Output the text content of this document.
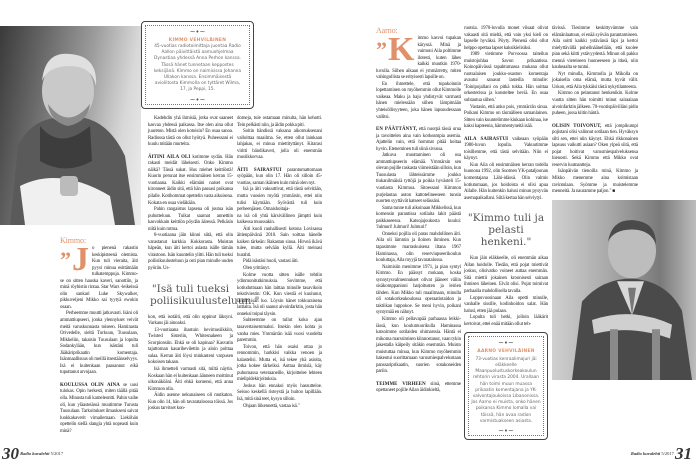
~•~
KIMMO VEHVILÄINEN
45-vuotias radiotoimittaja juontaa Radio Aallon päivittäistä aamuohjelmaa Dynastiaa yhdessä Anna Perhon kanssa. Tässä hänet tunnetaan keppostes keksijänä. Kimmo on naimisissa Johanna Ullakon kanssa. Ensimmäisestä avioliitosta Kimmolla on tyttäret Wilma, 17, ja Peppi, 15.
~•~
Kimmo:
”J o pienenä rakastin keskipisteenä olemista. Kun tuli vieraita, äiti pyysi minua esittämään tulkatemppuja. Kimmo-se on sitten hauska kaveri, sanottiin, ja minä röyhistin rintaa. Star Wars -leikeissä olin sankari Luke Skywalker, pikkuveljeni Mikko sai tyytyä ewokin osaan.

Perheemme muutti jatkuvasti. Isäni oli ammattiupseeri, jonka ylennykset veivät meitä varuskunnasta toiseen. Haminasta Orivedelle, sieltä Turkuun, Tuusulaan, Mikkeliin, takaisin Tuusulaan ja lopulta Sodankylään, kun isästäni tuli Jääkäriprikaatin komentaja. Isänmaallisuus oli meillä itsestäänselvyys. Isä ei kuitenkaan paasannut eikä tuputtanut arvojaan.

KOULUSSA OLIN AINA se uusi tulokas. Opin herkesti, miten täällä pitää olla. Minusta tuli kameleontti. Pahin vaihe oli, kun yläasteiässä muutimme Turusta Tuusulaan. Tarkoitukset ilmaukseni saivat luokkakaverit virnailemaan. Lieköhän opettelin siellä slangia yhtä nopeasti kuin minä?

Kadehdin yhä ihmisiä, jotka ovat saaneet kasvaa yhdessä paikassa. Itse olen aina ollut juureton. Mistä olen kotoisin? En osaa sanoa. Radiossa tästä on ollut hyötyä. Puheessani ei kuulu mitään murteita.

ÄITINI AILA OLI kotimme sydän. Hän rakasti meidät läheisesti. Onko Kimmo nälkä? Tässä sukat. Hus miehet keittiöstä! Kuorin perunat itse ensimmäisen kerran 15-vuotiaana. Kaikki elämäni naiset ovat kironneet äidin sitä, että hän passasi poikansa pilalle. Kotihommat opettelin vasta aikuisena. Kokata en osaa vieläkään.

Pahin rangaistus lapsena oli joutua isän puhutteluun. Tuikat saarnat annettiin kasvokkain keittiön pöydän ääressä. Pelkäsin niitä kuin ruttoa.

8-vuotiaana jäin kiinni siitä, että olin varastanut karkkia Kokkorasta. Muistan häpeän, kun äiti kertoi asiasta isälle tämän virastoon. Isän kuuntelin ylitti. Hän tuli tueksi poliisikuulusteluun ja osti pian minulle uuden pyörän. Us-

"Isä tuli tueksi poliisikuulusteluun."

kon, että isotäiti, että olin oppinut läksyni. Varkaus jäi ainoaksi.

13-vuotiaana ihastuin hevimusiikkiin, Twisted Sisteriin, Whitesnakeen ja Scorpionsiin. Ehkä se oli kapinaa? Kasvatin tajuttoman kasarihevilettin ja aloin polttaa salaa. Kerran äiti löysi minkasteni varpusen kokoisen takaan.

Isä ihmetteli varmasti sitä, miltä näytin. Koskaan hän ei kuitenkaan äänneen moittinut ulkonäköäni. Äiti ehkä komensi, että anna Kimmon olla.

Äidin asenne nekunaiseen oli mutkaton. Kun olin 14, hän oli tavarataloossa töissä. Jos joskus tarvitset kon-

domeja, tule ostamaan minulta, hän kehotti. Tein pelkästi niin, ja äidin pokka piti.

Soitin bändissä vaksana aikomuksenani valloittaa maailma. Se, etten ollut lainkaan lahjakas, ei minua miettityttänyt. Kitarasi viritti bändikaveri, jolla oli enemmän musiikkorvaa.

ÄITI SAIRASTUI parantumattomaan syöpään, kun olin 17. Hän oli silloin 45-vuotias, saman ikäinen kuin minä olen nyt.

Isä ja äiti vakuuttivat, että tästä selvitään, mutta vuosien myötä ymmärsin, ettei niin tulisi käymään. Syövästä tuli kuin perheenjäsen. Omaishoitaja-

na isä oli yhtä kärsivällinen jämptti kuin kaikessa muussakin.

Äiti kuoli rauhallisesti kotona Lovisassa äitienpäivänä 2010. Sain soittaa hänelle kaiken tärkeän: Rakastan sinua. Hirveä ikävä tulee, mutta selvään kyllä. Äiti meinasi hurahti.

Pidä isästäsi huoli, vastasi äiti.

Olen yrittänyt.

Kolme vuotta sitten isälle tehtiin ydinmonitutkimuksia. Sovimme, että kotiuduttuaan hän laittaa minulle tasavikoin tekstiviestin: OK. Kun viestiä ei kuulunut, lähdin isän luo. Löysin hänet tokkuraisena lattialta. Isä oli saanut aivoinfarktin, josta hän onneksi toipui täysin.

Suhteemme on tullut koko ajan tasavertaisemmaksi. Itsekin olen kohta jo vanha mies. Ymmärrän isää vuosi vuodelta paremmin.

Toivon, että hän osaisi ottaa jo rennommin, harkkisi vaikka venoen ja kalastelisi. Mutta ei, isä tekee yhä asioita, jotka kokee tärkeiksi. Auttaa ihmisiä, käy puhumassa veteraaneille, kirjoittelee lehteen mielipidekirjoituksia.

Joskus hän ennakoi myös hassutteloe. Seisoo keskellä risteystä ja huitoo lapillään. Isä, mitä sinä teet, kysyn silloin.

Ohjaan liikennettä, vastaa isä."

30 Radio kuvalehti 5/2017
Aarno:
”K immo kasvoi tupakan käryssä. Minä ja vaimoni Aila poltimme ilotesti, kuten lähes kaikki muutkin 1970-luvulla. Siihen aikaan ei ymmärretty, miten vahingollista se erityisesti lapsille on.

En ihmettele, että tupakoinnin lopettaminen on myöhemmin ollut Kimmolle vaikeaa. Maku ja haju yhdistyvät varmasti hänen mielessään siihen lämpimään yhteisöllisyyteen, joka hänen lapsuudessaan vallitsi.

EN PÄÄTTÄNYT, että nuorpä tässä urua ja tavoittelen aina vain korkeampia asemia. Ajattelin vain, että hommat pitää hoitaa hyvin. Eteneminen tuli siinä sivussa.

Jatkuva muuttaminen oli osa ammattiupseerin elämää. Ymmärsin sen olevan pojille raskasta viimeistään silloin, kun Tuusulasta lähteissämme joukko tiukanilmäisiä tyttöjä ja poikia hyvästeli 15-vuotiasta Kimmoa. Sitoessani Kimmon purjelautaa auton kattotelineeseen tunsin nuorten syyttävät katseet selässäni.

Sama tunne tuli aikoinaan Mikkelissä, kun komensin parantissa sotilaita lakit päästä paikkaseessa. Katsojajoukosta kuului: 'Julmuri! Julmuri! Julmuri!'

Onneksi pojilla oli paras mahdollinen äiti. Aila oli lämmin ja iloinen ihminen. Kun tapasimme marraskuisena iltana 1967 Haminassa, olin reserviupseerikoulun kouluttaja, Aila myyjä tavaratalossa.

Naimisiin menimme 1971, ja pian syntyi Kimmo. En päässyt mukaan, koska synnytysvalmennukset olivat jääneet väliin sisäkomppanioni harjoitusten ja leirien tähden. Kun Mikko tuli maailmaan, minulla oli sotakorkeakoulussa operaatiotaidon ja taktiikan luppokoe. Se meni hyvin, poikani syntymää en nähnyt.

Kimmo oli pellavapää parhaassa leikki-iässä, kun koulumuurikulla Haminassa katsoimme sotilaiden ohimarssia. Häntä ei mikoma marssimisen kiinnostanut, vaan tykin jakestalla käipeily sitäkin enemmän. Muisto muistuttaa minua, kun Kimmo myöhemmin hakeutui suorittamaan varusmiespalvelustaan panssariprikaatin, suorien sotakoneiden pariin.

TEIMME VIRHEEN siinä, ettemme opettaneet pojille Ailan äidinkieltä,

ruotsia. 1970-luvulla monet viisaat olivat vakaasti sitä mieltä, että vain yksi kieli on lapselle hyväksi. Pöyty. Pienenä olisi ollut helppo opettaa lapset kaksikielisiksi.

1989 vietimme Porvoossa taiteilun muistojuhlaa Savon prikaatissa. Koinopäivässä tapahtumassa mukana ollut ruotsalaisen joukko-osaston komentaja avautui sanasut lasteilla minulle: 'Toinipojallani on pitkä tukka. Hän soittaa orkesterissa ja konsteltee heviä. En osaa suhtautua siihen.'

Vastasin, että anko pois, ymmärrän sinua. Poikani Kimmo on täsmälleen samanlainen. Sitten vain kuuntelimme kiukaan kohinaa, ise kaksi kapteenia, hämmentyneitä isää.

AILA SAIRASTUI vaikeaan syöpään 1980-luvun lopulla. Vakuutimme toisillemme, että tästä selvitään. Niin ei käynyt.

Kun Aila oli ensimmäisen kerran todella huonona 1992, olin Suomen YK-pataljoonan komentajana Lähi-idässä. Olin valmis kotiutumaan, jos hoidoista ei olisi apua Ailalle. Hän kuitenkin halusi minun pysyvän asemapaikallani. Siitä kertaa hän selviytyi.

"Kimmo tuli ja pelasti henkeni."

Kun jäin eläkkeelle, oli enemmän aikaa Ailan hoidolle. Tiedän, että pojat miettivät joskus, olisivatko voineet auttaa enemmän. Sitä miettii jokainen kroonisesti sairaan ihmisen läheinen. Eivät olisi. Pojat toimivat parhaalla mahdollisella tavalla.

Loppuvuosinaan Aila opetti minulle, vanhalle sissille, kodinhoidon salat. Hän halusi, etten jää pulaan.

Lopulta tuli hetki, jolloin lääkärit kertoivat, ettei enää mitään ollut teh-

~•~
AARNO VEHVILÄINEN
73-vuotias kenraalimajuri jäi eläkkeelle Maanpuolustuskorkeakoulun rehtorin virasta 2004. Urallaan hän toimi muun muassa prikaatin komentajana ja YK-valvontajoukoissa Libanonissa. Jos Aarno ei muista, onko hänen poikansa Kimmo lomalla vai töissä, hän avaa radion varmistuakseen asiasta.
~•~

tävissä. Tiesimme keskittyvämme vain elämänlaatuun, ei enää syövän parantamiseen. Aila soitti kaikki ystävänsä läpi ja kertoi mielyttävällä puhelinäänellään, että kuolee pian sekä kiitti ystävyydestä. Minun oli pakko mennä viereiseen huoneeseen ja itkeä, niin kauheaalta se tuntui.

Nyt minulla, Kimmolla ja Mikolla on jokaisella oma elämä, mutta hyvät välit. Uskon, että Aila tykkäisi tästä nykytilanteesta.

Kimmo on pelastanut henkenikin. Kolme vuotta sitten hän toimitti minut sairaalaan aivoinfarktin jälkeen. 70-vuotispäivilläni pidin puheen, jossa kiitin häntä.

OLISIN TOIVONUT, että jompikumpi pojistani olisi valinnut sotilaan tien. Hyväksyn silti sen, ettei niin käynyt. Ehkä rikkonainen lapsuus vaikutti asiaan? Oken ylpeä siitä, että pojat hoitivat varusmiespalveluksensa hienosti. Sekä Kimmo että Mikko ovat reservin luutnantteja.

Isänpäivän tienoilla minä, Kimmo ja Mikko menemme aina kolmistaan ravintolaan. Syömme ja muistelemme menneitä. Ja nauramme paljon." ■

Radio kuvalehti 5/2017 31
